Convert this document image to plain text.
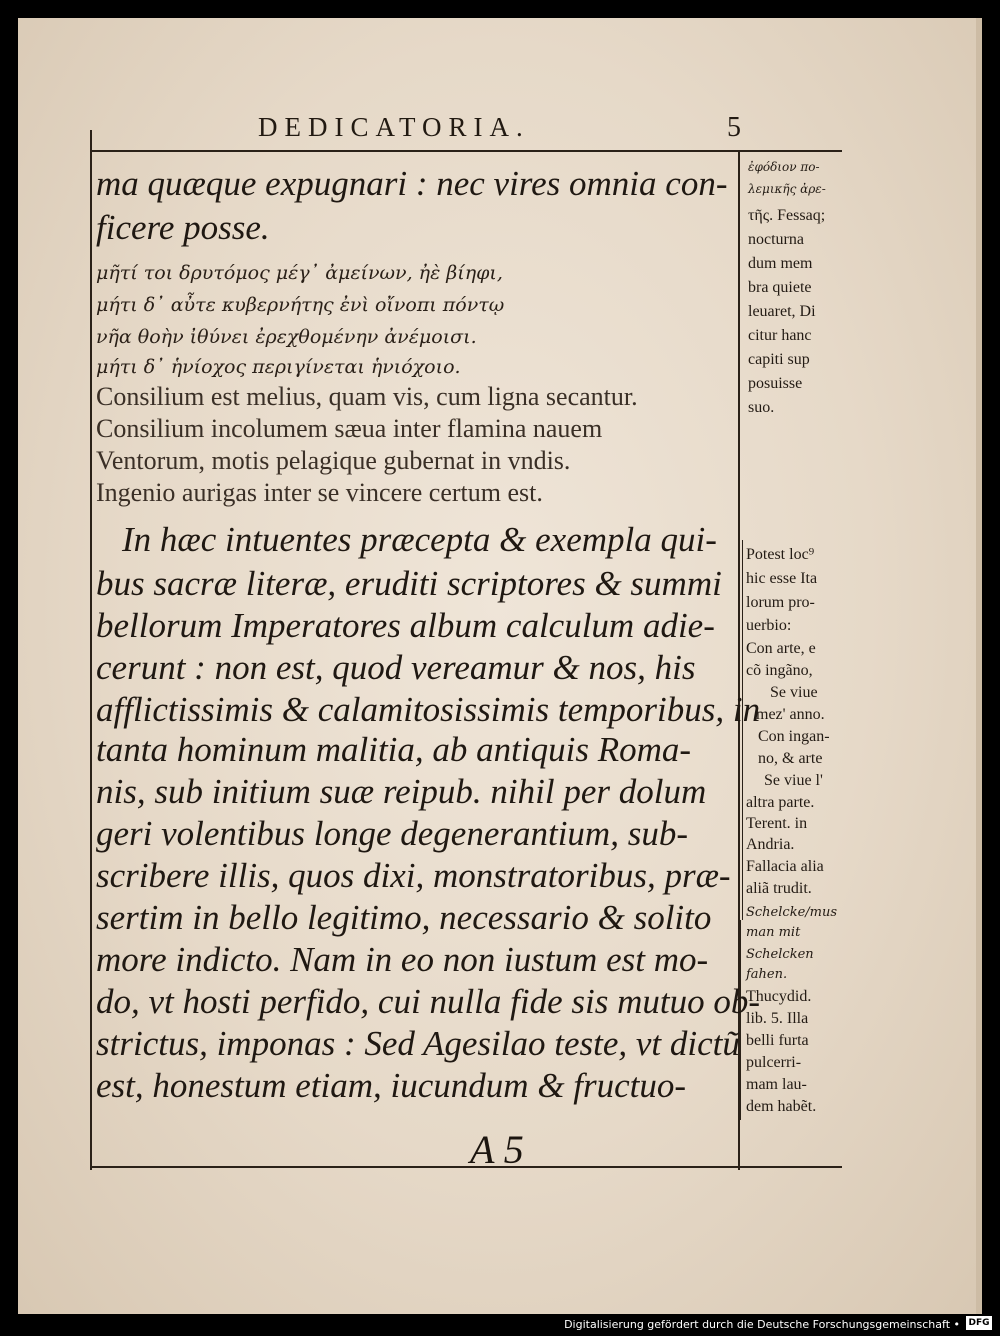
DEDICATORIA.	5
ma quæque expugnari : nec vires omnia con-
ficere posse.
μῆτί τοι δρυτόμος μέγ᾽ ἀμείνων, ἠὲ βίηφι,
μήτι δ᾽ αὖτε κυβερνήτης ἐνὶ οἴνοπι πόντῳ
νῆα θοὴν ἰθύνει ἐρεχθομένην ἀνέμοισι.
μήτι δ᾽ ἡνίοχος περιγίνεται ἡνιόχοιο.
Consilium est melius, quam vis, cum ligna secantur.
Consilium incolumem sæua inter flamina nauem
Ventorum, motis pelagique gubernat in vndis.
Ingenio aurigas inter se vincere certum est.
In hæc intuentes præcepta & exempla qui-
bus sacræ literæ, eruditi scriptores & summi
bellorum Imperatores album calculum adie-
cerunt : non est, quod vereamur & nos, his
afflictissimis & calamitosissimis temporibus, in
tanta hominum malitia, ab antiquis Roma-
nis, sub initium suæ reipub. nihil per dolum
geri volentibus longe degenerantium, sub-
scribere illis, quos dixi, monstratoribus, præ-
sertim in bello legitimo, necessario & solito
more indicto. Nam in eo non iustum est mo-
do, vt hosti perfido, cui nulla fide sis mutuo ob-
strictus, imponas : Sed Agesilao teste, vt dictũ
est, honestum etiam, iucundum & fructuo-
A 5
ἐφόδιον πο-
λεμικῆς ἀρε-
τῆς. Fessaq;
nocturna
dum mem
bra quiete
leuaret, Di
citur hanc
capiti sup
posuisse
suo.
Potest loc⁹
hic esse Ita
lorum pro-
uerbio:
Con arte, e
cõ ingãno,
Se viue
mez' anno.
Con ingan-
no, & arte
Se viue l'
altra parte.
Terent. in
Andria.
Fallacia alia
aliã trudit.
Schelcke/mus
man mit
Schelcken
fahen.
Thucydid.
lib. 5. Illa
belli furta
pulcerri-
mam lau-
dem habẽt.
Digitalisierung gefördert durch die Deutsche Forschungsgemeinschaft • DFG
